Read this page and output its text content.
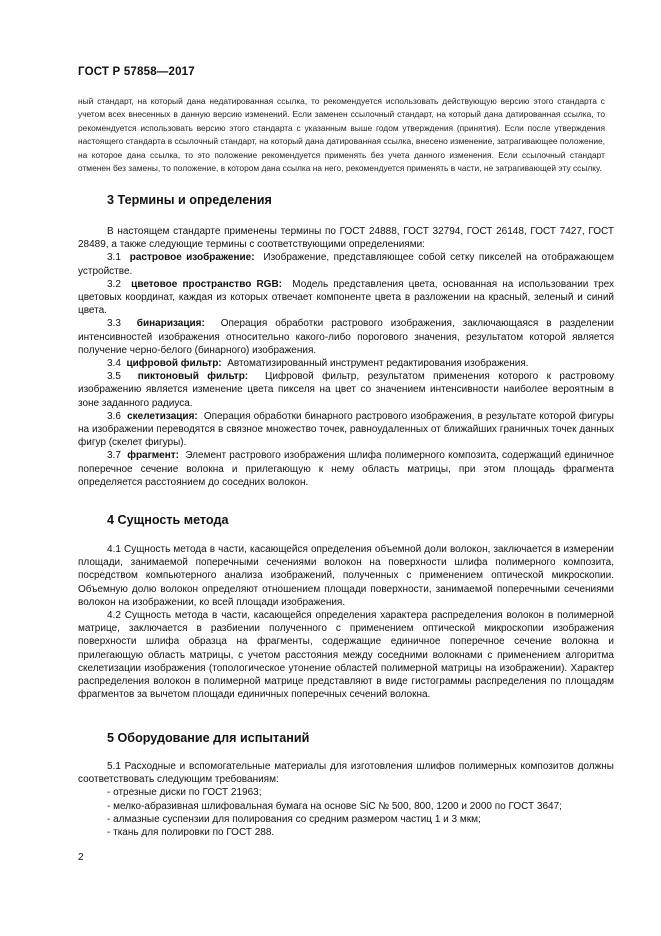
ГОСТ Р 57858—2017
ный стандарт, на который дана недатированная ссылка, то рекомендуется использовать действующую версию этого стандарта с учетом всех внесенных в данную версию изменений. Если заменен ссылочный стандарт, на который дана датированная ссылка, то рекомендуется использовать версию этого стандарта с указанным выше годом утверждения (принятия). Если после утверждения настоящего стандарта в ссылочный стандарт, на который дана датированная ссылка, внесено изменение, затрагивающее положение, на которое дана ссылка, то это положение рекомендуется применять без учета данного изменения. Если ссылочный стандарт отменен без замены, то положение, в котором дана ссылка на него, рекомендуется применять в части, не затрагивающей эту ссылку.
3 Термины и определения

В настоящем стандарте применены термины по ГОСТ 24888, ГОСТ 32794, ГОСТ 26148, ГОСТ 7427, ГОСТ 28489, а также следующие термины с соответствующими определениями:

3.1 растровое изображение: Изображение, представляющее собой сетку пикселей на отображающем устройстве.

3.2 цветовое пространство RGB: Модель представления цвета, основанная на использовании трех цветовых координат, каждая из которых отвечает компоненте цвета в разложении на красный, зеленый и синий цвета.

3.3 бинаризация: Операция обработки растрового изображения, заключающаяся в разделении интенсивностей изображения относительно какого-либо порогового значения, результатом которой является получение черно-белого (бинарного) изображения.

3.4 цифровой фильтр: Автоматизированный инструмент редактирования изображения.

3.5 пиктоновый фильтр: Цифровой фильтр, результатом применения которого к растровому изображению является изменение цвета пикселя на цвет со значением интенсивности наиболее вероятным в зоне заданного радиуса.

3.6 скелетизация: Операция обработки бинарного растрового изображения, в результате которой фигуры на изображении переводятся в связное множество точек, равноудаленных от ближайших граничных точек данных фигур (скелет фигуры).

3.7 фрагмент: Элемент растрового изображения шлифа полимерного композита, содержащий единичное поперечное сечение волокна и прилегающую к нему область матрицы, при этом площадь фрагмента определяется расстоянием до соседних волокон.

4 Сущность метода

4.1 Сущность метода в части, касающейся определения объемной доли волокон, заключается в измерении площади, занимаемой поперечными сечениями волокон на поверхности шлифа полимерного композита, посредством компьютерного анализа изображений, полученных с применением оптической микроскопии. Объемную долю волокон определяют отношением площади поверхности, занимаемой поперечными сечениями волокон на изображении, ко всей площади изображения.

4.2 Сущность метода в части, касающейся определения характера распределения волокон в полимерной матрице, заключается в разбиении полученного с применением оптической микроскопии изображения поверхности шлифа образца на фрагменты, содержащие единичное поперечное сечение волокна и прилегающую область матрицы, с учетом расстояния между соседними волокнами с применением алгоритма скелетизации изображения (топологическое утонение областей полимерной матрицы на изображении). Характер распределения волокон в полимерной матрице представляют в виде гистограммы распределения по площадям фрагментов за вычетом площади единичных поперечных сечений волокна.

5 Оборудование для испытаний

5.1 Расходные и вспомогательные материалы для изготовления шлифов полимерных композитов должны соответствовать следующим требованиям:

- отрезные диски по ГОСТ 21963;

- мелко-абразивная шлифовальная бумага на основе SiC № 500, 800, 1200 и 2000 по ГОСТ 3647;

- алмазные суспензии для полирования со средним размером частиц 1 и 3 мкм;

- ткань для полировки по ГОСТ 288.

2
